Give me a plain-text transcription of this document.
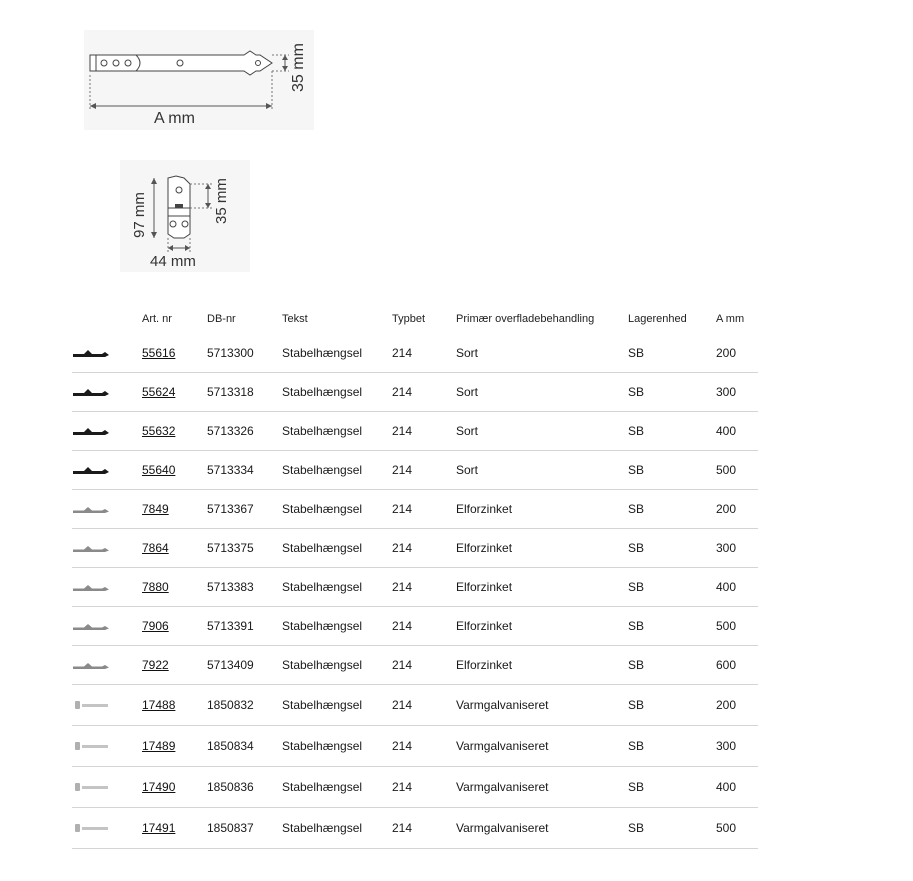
A mm
35 mm
97 mm	35 mm
44 mm
	Art. nr	DB-nr	Tekst	Typbet	Primær overfladebehandling	Lagerenhed	A mm

	55616	5713300	Stabelhængsel	214	Sort	SB	200

	55624	5713318	Stabelhængsel	214	Sort	SB	300

	55632	5713326	Stabelhængsel	214	Sort	SB	400

	55640	5713334	Stabelhængsel	214	Sort	SB	500

	7849	5713367	Stabelhængsel	214	Elforzinket	SB	200

	7864	5713375	Stabelhængsel	214	Elforzinket	SB	300

	7880	5713383	Stabelhængsel	214	Elforzinket	SB	400

	7906	5713391	Stabelhængsel	214	Elforzinket	SB	500

	7922	5713409	Stabelhængsel	214	Elforzinket	SB	600

	17488	1850832	Stabelhængsel	214	Varmgalvaniseret	SB	200

	17489	1850834	Stabelhængsel	214	Varmgalvaniseret	SB	300

	17490	1850836	Stabelhængsel	214	Varmgalvaniseret	SB	400

	17491	1850837	Stabelhængsel	214	Varmgalvaniseret	SB	500
